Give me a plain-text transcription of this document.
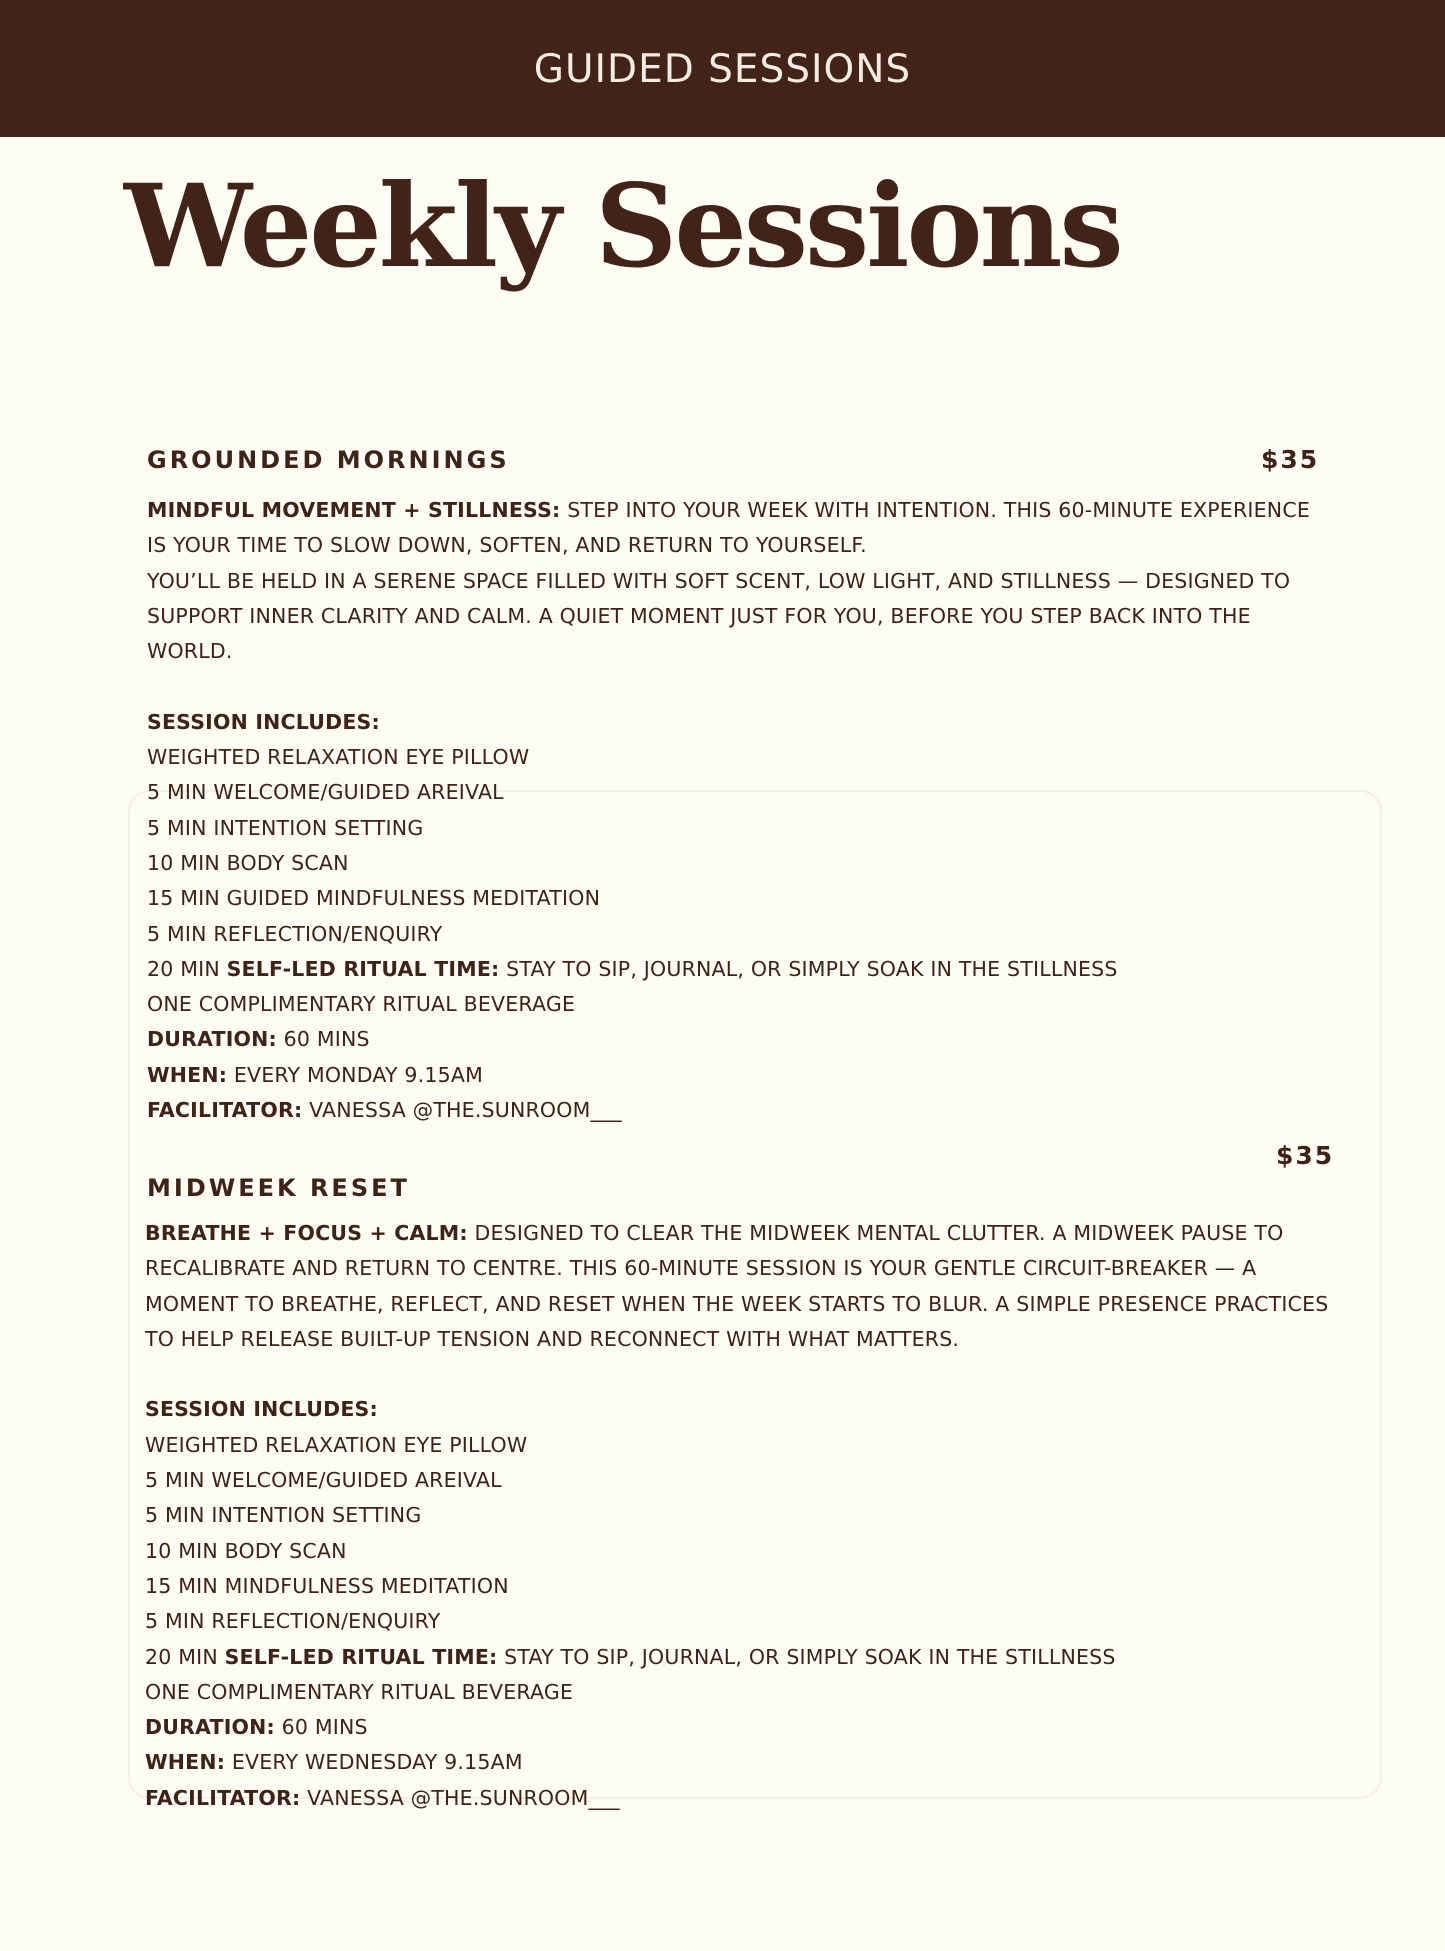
GUIDED SESSIONS
Weekly Sessions
GROUNDED MORNINGS	$35

MINDFUL MOVEMENT + STILLNESS: STEP INTO YOUR WEEK WITH INTENTION. THIS 60-MINUTE EXPERIENCE IS YOUR TIME TO SLOW DOWN, SOFTEN, AND RETURN TO YOURSELF.

YOU’LL BE HELD IN A SERENE SPACE FILLED WITH SOFT SCENT, LOW LIGHT, AND STILLNESS — DESIGNED TO SUPPORT INNER CLARITY AND CALM. A QUIET MOMENT JUST FOR YOU, BEFORE YOU STEP BACK INTO THE WORLD.

SESSION INCLUDES:

WEIGHTED RELAXATION EYE PILLOW
5 MIN WELCOME/GUIDED AREIVAL
5 MIN INTENTION SETTING
10 MIN BODY SCAN
15 MIN GUIDED MINDFULNESS MEDITATION
5 MIN REFLECTION/ENQUIRY

20 MIN SELF-LED RITUAL TIME: STAY TO SIP, JOURNAL, OR SIMPLY SOAK IN THE STILLNESS

ONE COMPLIMENTARY RITUAL BEVERAGE

DURATION: 60 MINS

WHEN: EVERY MONDAY 9.15AM

FACILITATOR: VANESSA @THE.SUNROOM___

$35
MIDWEEK RESET

BREATHE + FOCUS + CALM: DESIGNED TO CLEAR THE MIDWEEK MENTAL CLUTTER. A MIDWEEK PAUSE TO RECALIBRATE AND RETURN TO CENTRE. THIS 60-MINUTE SESSION IS YOUR GENTLE CIRCUIT-BREAKER — A MOMENT TO BREATHE, REFLECT, AND RESET WHEN THE WEEK STARTS TO BLUR. A SIMPLE PRESENCE PRACTICES TO HELP RELEASE BUILT-UP TENSION AND RECONNECT WITH WHAT MATTERS.

SESSION INCLUDES:

WEIGHTED RELAXATION EYE PILLOW
5 MIN WELCOME/GUIDED AREIVAL
5 MIN INTENTION SETTING
10 MIN BODY SCAN
15 MIN MINDFULNESS MEDITATION
5 MIN REFLECTION/ENQUIRY

20 MIN SELF-LED RITUAL TIME: STAY TO SIP, JOURNAL, OR SIMPLY SOAK IN THE STILLNESS

ONE COMPLIMENTARY RITUAL BEVERAGE

DURATION: 60 MINS

WHEN: EVERY WEDNESDAY 9.15AM

FACILITATOR: VANESSA @THE.SUNROOM___
